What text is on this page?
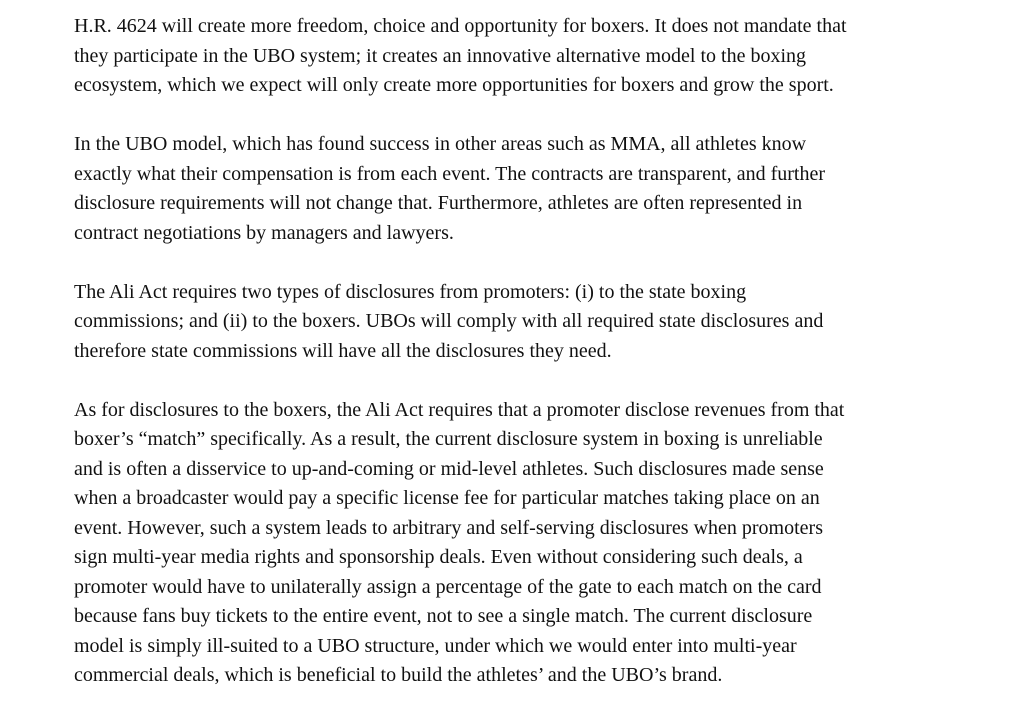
H.R. 4624 will create more freedom, choice and opportunity for boxers. It does not mandate that
they participate in the UBO system; it creates an innovative alternative model to the boxing
ecosystem, which we expect will only create more opportunities for boxers and grow the sport.

In the UBO model, which has found success in other areas such as MMA, all athletes know
exactly what their compensation is from each event. The contracts are transparent, and further
disclosure requirements will not change that. Furthermore, athletes are often represented in
contract negotiations by managers and lawyers.

The Ali Act requires two types of disclosures from promoters: (i) to the state boxing
commissions; and (ii) to the boxers. UBOs will comply with all required state disclosures and
therefore state commissions will have all the disclosures they need.

As for disclosures to the boxers, the Ali Act requires that a promoter disclose revenues from that
boxer’s “match” specifically. As a result, the current disclosure system in boxing is unreliable
and is often a disservice to up-and-coming or mid-level athletes. Such disclosures made sense
when a broadcaster would pay a specific license fee for particular matches taking place on an
event. However, such a system leads to arbitrary and self-serving disclosures when promoters
sign multi-year media rights and sponsorship deals. Even without considering such deals, a
promoter would have to unilaterally assign a percentage of the gate to each match on the card
because fans buy tickets to the entire event, not to see a single match. The current disclosure
model is simply ill-suited to a UBO structure, under which we would enter into multi-year
commercial deals, which is beneficial to build the athletes’ and the UBO’s brand.
